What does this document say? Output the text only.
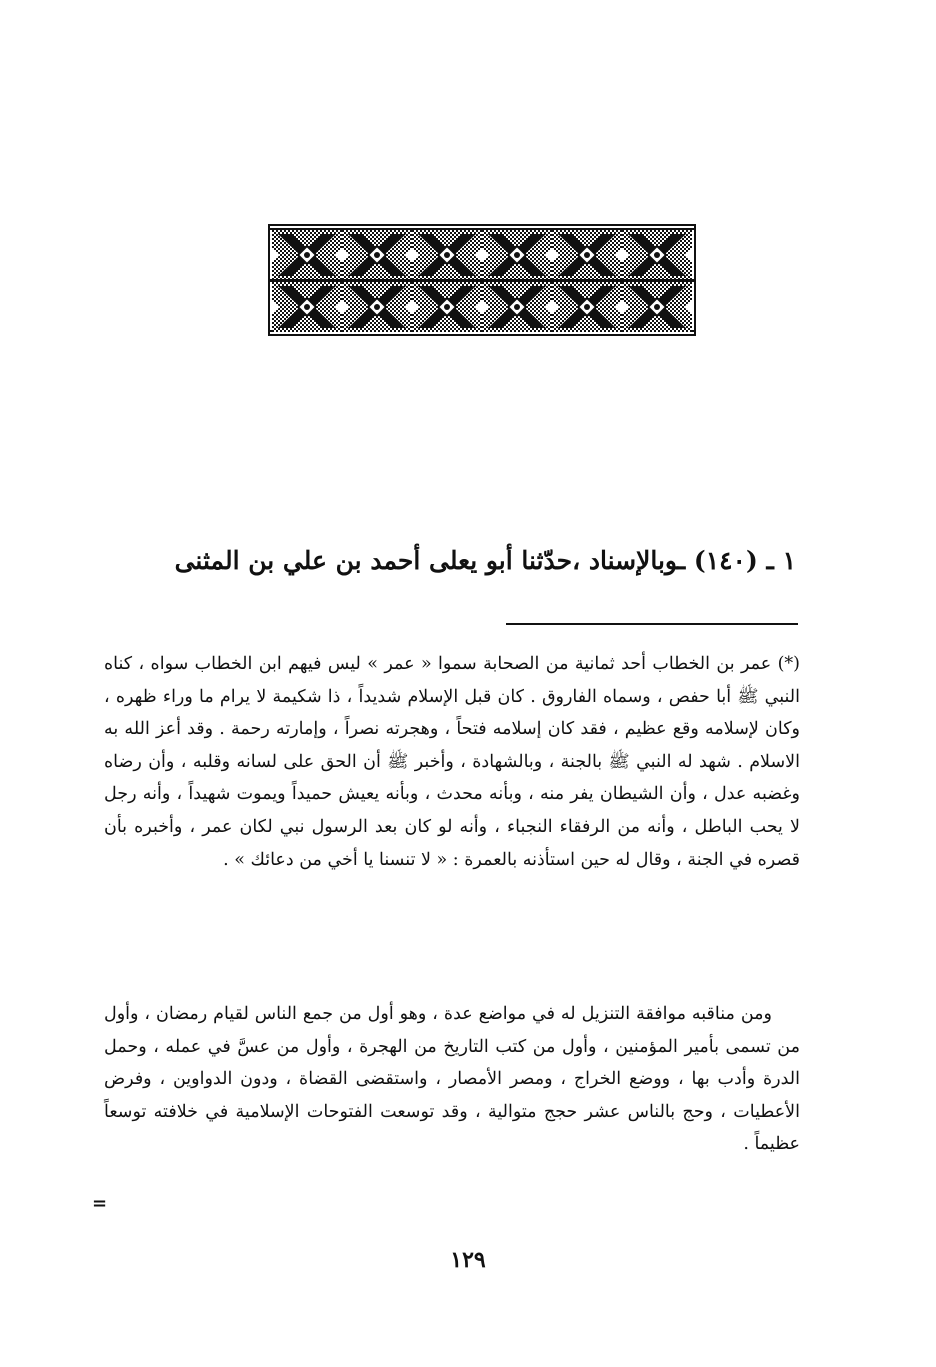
١ ـ (١٤٠) ـوبالإسناد ،حدّثنا أبو يعلى أحمد بن علي بن المثنى

(*) عمر بن الخطاب أحد ثمانية من الصحابة سموا « عمر » ليس فيهم ابن الخطاب سواه ، كناه النبي ﷺ أبا حفص ، وسماه الفاروق . كان قبل الإسلام شديداً ، ذا شكيمة لا يرام ما وراء ظهره ، وكان لإسلامه وقع عظيم ، فقد كان إسلامه فتحاً ، وهجرته نصراً ، وإمارته رحمة . وقد أعز الله به الاسلام . شهد له النبي ﷺ بالجنة ، وبالشهادة ، وأخبر ﷺ أن الحق على لسانه وقلبه ، وأن رضاه وغضبه عدل ، وأن الشيطان يفر منه ، وبأنه محدث ، وبأنه يعيش حميداً ويموت شهيداً ، وأنه رجل لا يحب الباطل ، وأنه من الرفقاء النجباء ، وأنه لو كان بعد الرسول نبي لكان عمر ، وأخبره بأن قصره في الجنة ، وقال له حين استأذنه بالعمرة : « لا تنسنا يا أخي من دعائك » .

ومن مناقبه موافقة التنزيل له في مواضع عدة ، وهو أول من جمع الناس لقيام رمضان ، وأول من تسمى بأمير المؤمنين ، وأول من كتب التاريخ من الهجرة ، وأول من عسَّ في عمله ، وحمل الدرة وأدب بها ، ووضع الخراج ، ومصر الأمصار ، واستقضى القضاة ، ودون الدواوين ، وفرض الأعطيات ، وحج بالناس عشر حجج متوالية ، وقد توسعت الفتوحات الإسلامية في خلافته توسعاً عظيماً .

=
١٢٩
